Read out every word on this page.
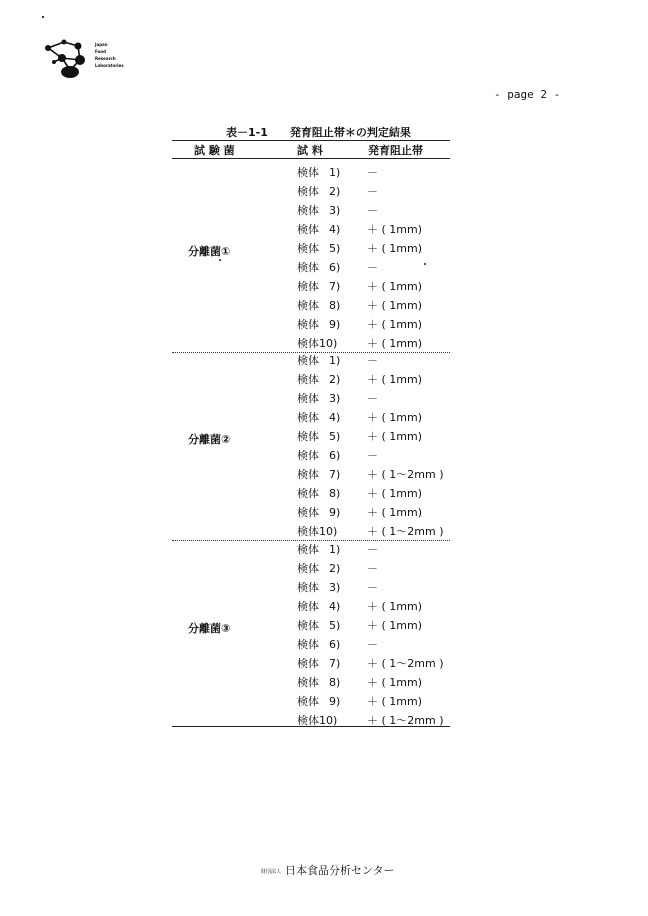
Japan
Food
Research
Laboratories
- page 2 -
表－1-1 発育阻止帯＊の判定結果
試 験 菌	試 料	発育阻止帯
検体 1) －
検体 2) －
検体 3) －
検体 4) ＋ ( 1mm)
検体 5) ＋ ( 1mm)
検体 6) －
検体 7) ＋ ( 1mm)
検体 8) ＋ ( 1mm)
検体 9) ＋ ( 1mm)
検体10)	＋ ( 1mm)
分離菌①
検体 1) －
検体 2) ＋ ( 1mm)
検体 3) －
検体 4) ＋ ( 1mm)
検体 5) ＋ ( 1mm)
検体 6) －
検体 7) ＋ ( 1～2mm )
検体 8) ＋ ( 1mm)
検体 9) ＋ ( 1mm)
検体10)	＋ ( 1～2mm )
分離菌②
検体 1) －
検体 2) －
検体 3) －
検体 4) ＋ ( 1mm)
検体 5) ＋ ( 1mm)
検体 6) －
検体 7) ＋ ( 1～2mm )
検体 8) ＋ ( 1mm)
検体 9) ＋ ( 1mm)
検体10)	＋ ( 1～2mm )
分離菌③
財団法人 日本食品分析センター
